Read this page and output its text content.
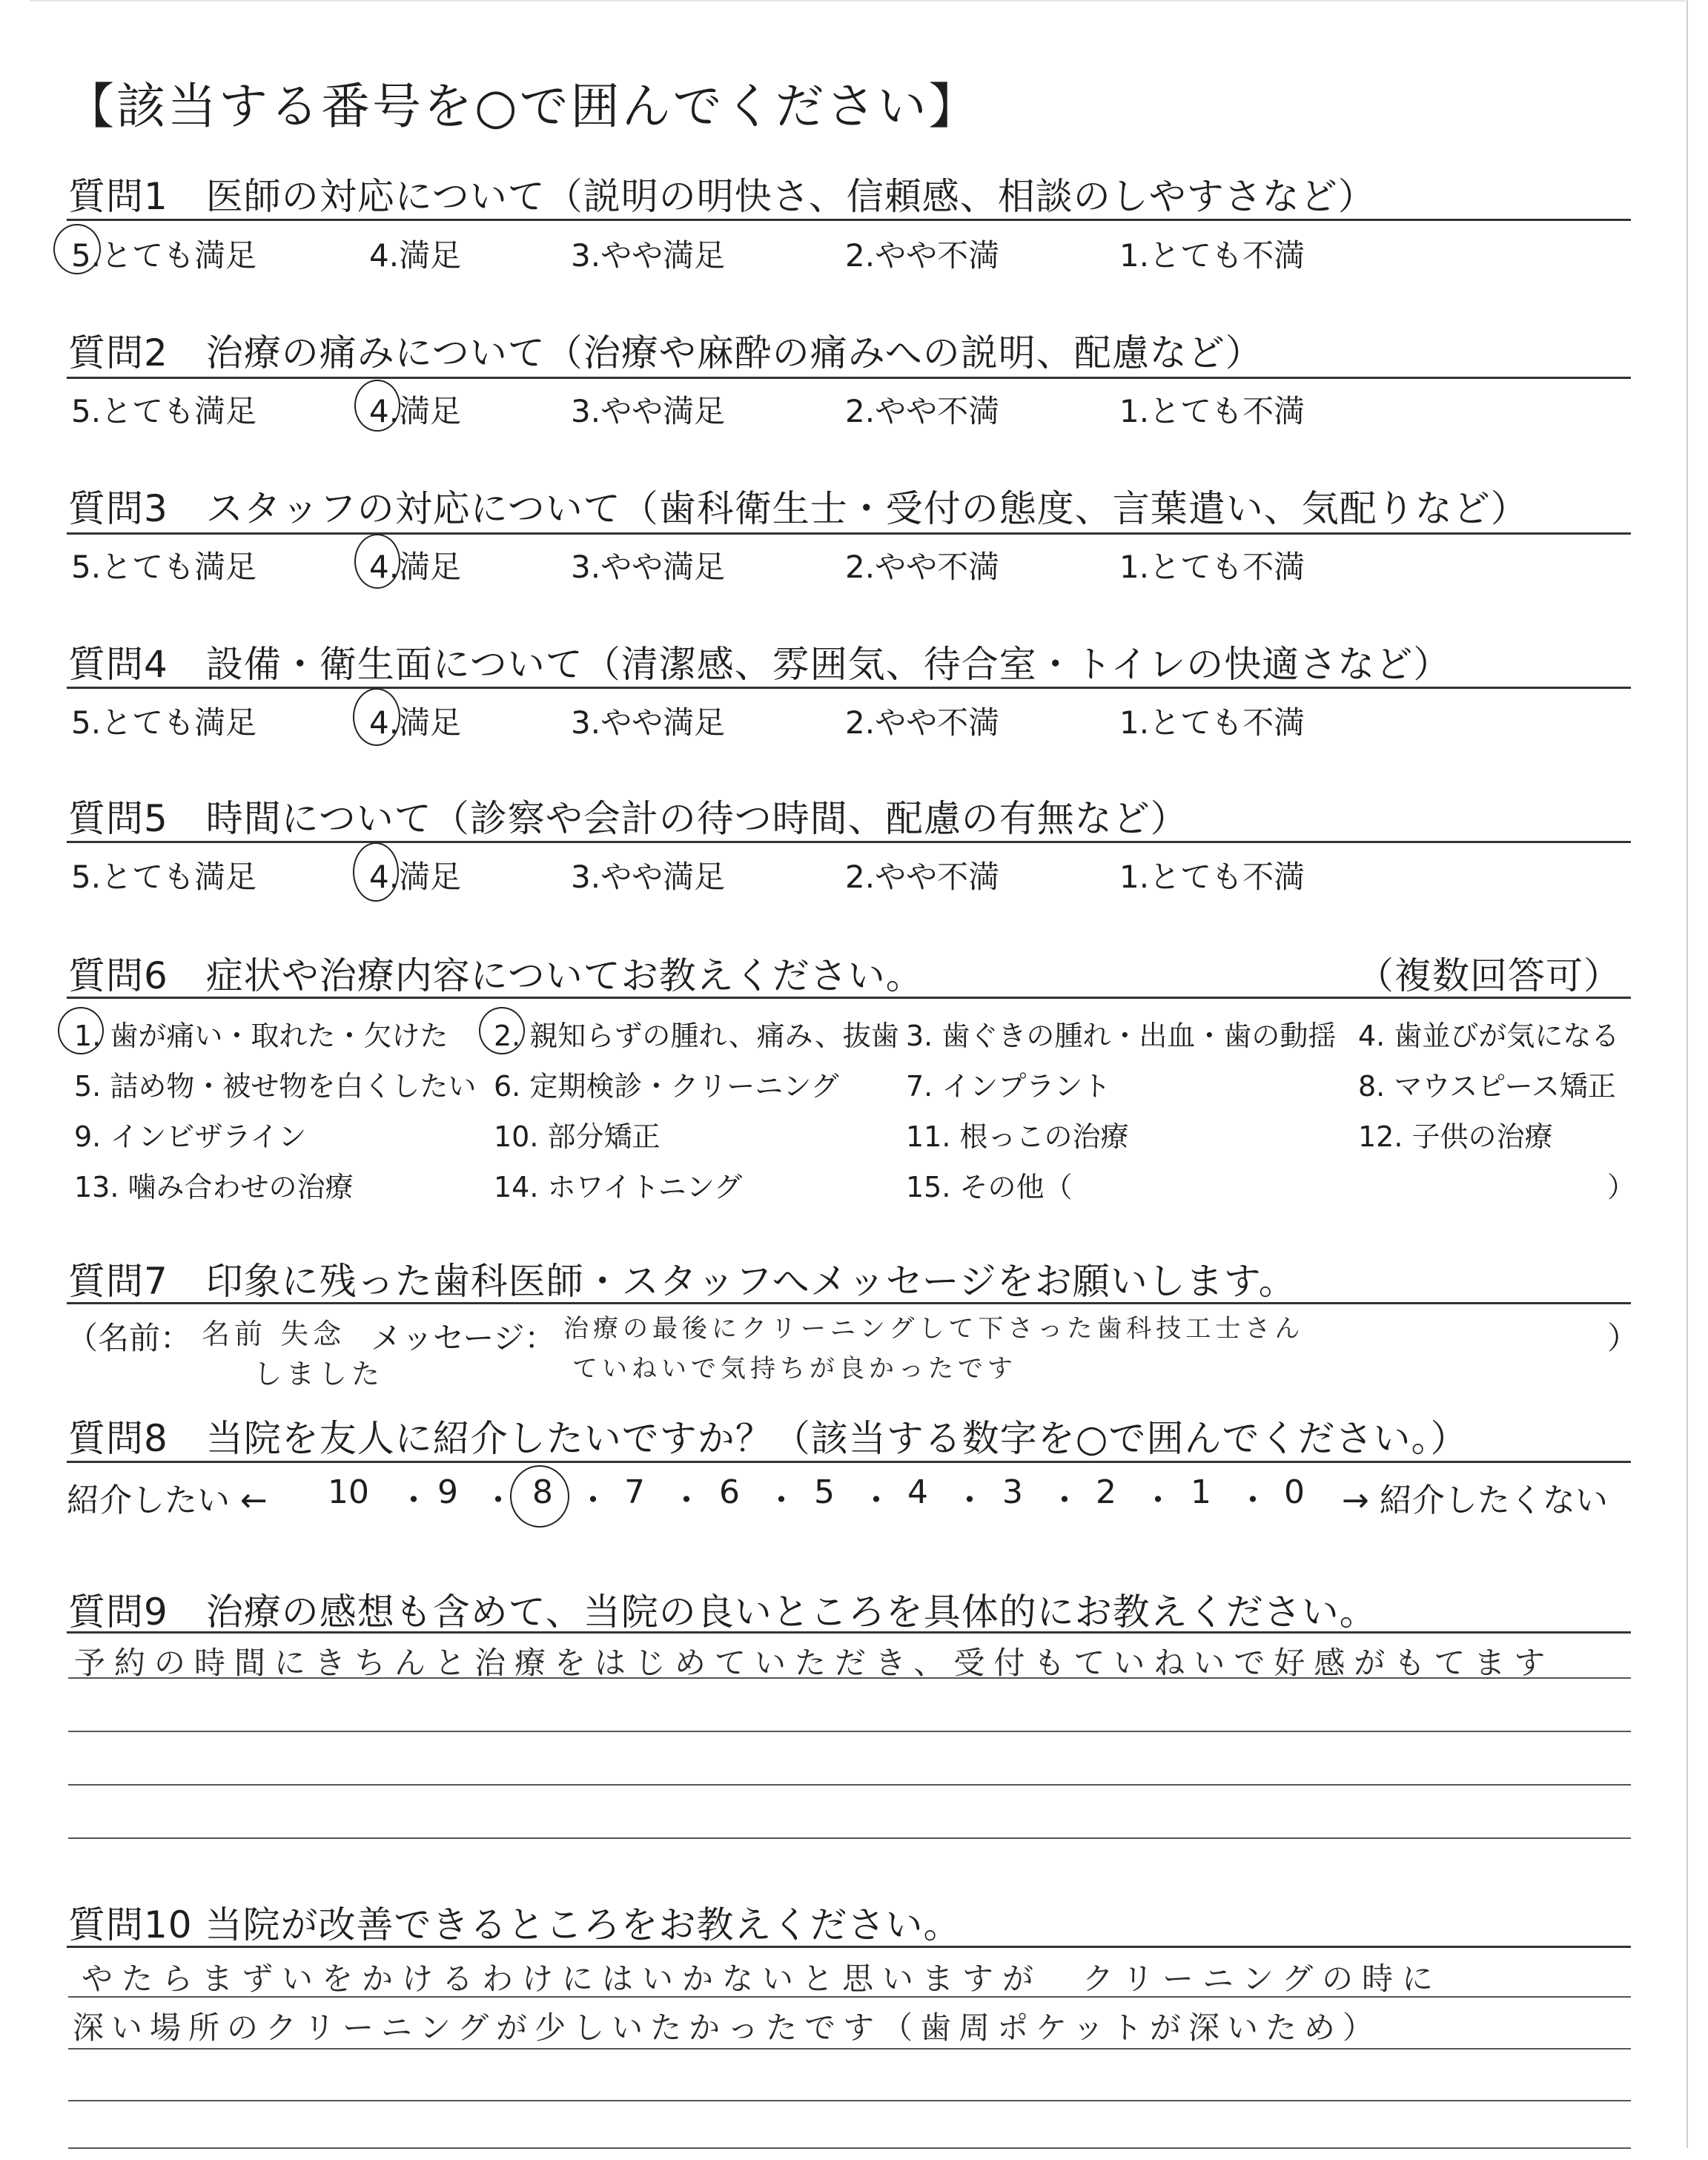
【該当する番号を○で囲んでください】
質問1　医師の対応について（説明の明快さ、信頼感、相談のしやすさなど）
5.とても満足	4.満足	3.やや満足	2.やや不満	1.とても不満
質問2　治療の痛みについて（治療や麻酔の痛みへの説明、配慮など）
5.とても満足	4.満足	3.やや満足	2.やや不満	1.とても不満
質問3　スタッフの対応について（歯科衛生士・受付の態度、言葉遣い、気配りなど）
5.とても満足	4.満足	3.やや満足	2.やや不満	1.とても不満
質問4　設備・衛生面について（清潔感、雰囲気、待合室・トイレの快適さなど）
5.とても満足	4.満足	3.やや満足	2.やや不満	1.とても不満
質問5　時間について（診察や会計の待つ時間、配慮の有無など）
5.とても満足	4.満足	3.やや満足	2.やや不満	1.とても不満
質問6　症状や治療内容についてお教えください。	（複数回答可）
1. 歯が痛い・取れた・欠けた 2. 親知らずの腫れ、痛み、抜歯 3. 歯ぐきの腫れ・出血・歯の動揺 4. 歯並びが気になる
5. 詰め物・被せ物を白くしたい 6. 定期検診・クリーニング 7. インプラント	8. マウスピース矯正
9. インビザライン	10. 部分矯正	11. 根っこの治療	12. 子供の治療
13. 噛み合わせの治療	14. ホワイトニング	15. その他（	）
質問7　印象に残った歯科医師・スタッフへメッセージをお願いします。
（名前： 名前 失念
しました
メッセージ： 治療の最後にクリーニングして下さった歯科技工士さん
ていねいで気持ちが良かったです
）
質問8　当院を友人に紹介したいですか？（該当する数字を○で囲んでください。）
紹介したい ← 10 ・ 9 ・ 8 ・ 7 ・ 6 ・ 5 ・ 4 ・ 3 ・ 2 ・ 1 ・ 0 → 紹介したくない
質問9　治療の感想も含めて、当院の良いところを具体的にお教えください。
予約の時間にきちんと治療をはじめていただき、受付もていねいで好感がもてます
質問10 当院が改善できるところをお教えください。
やたらまずいをかけるわけにはいかないと思いますが　クリーニングの時に
深い場所のクリーニングが少しいたかったです（歯周ポケットが深いため）
